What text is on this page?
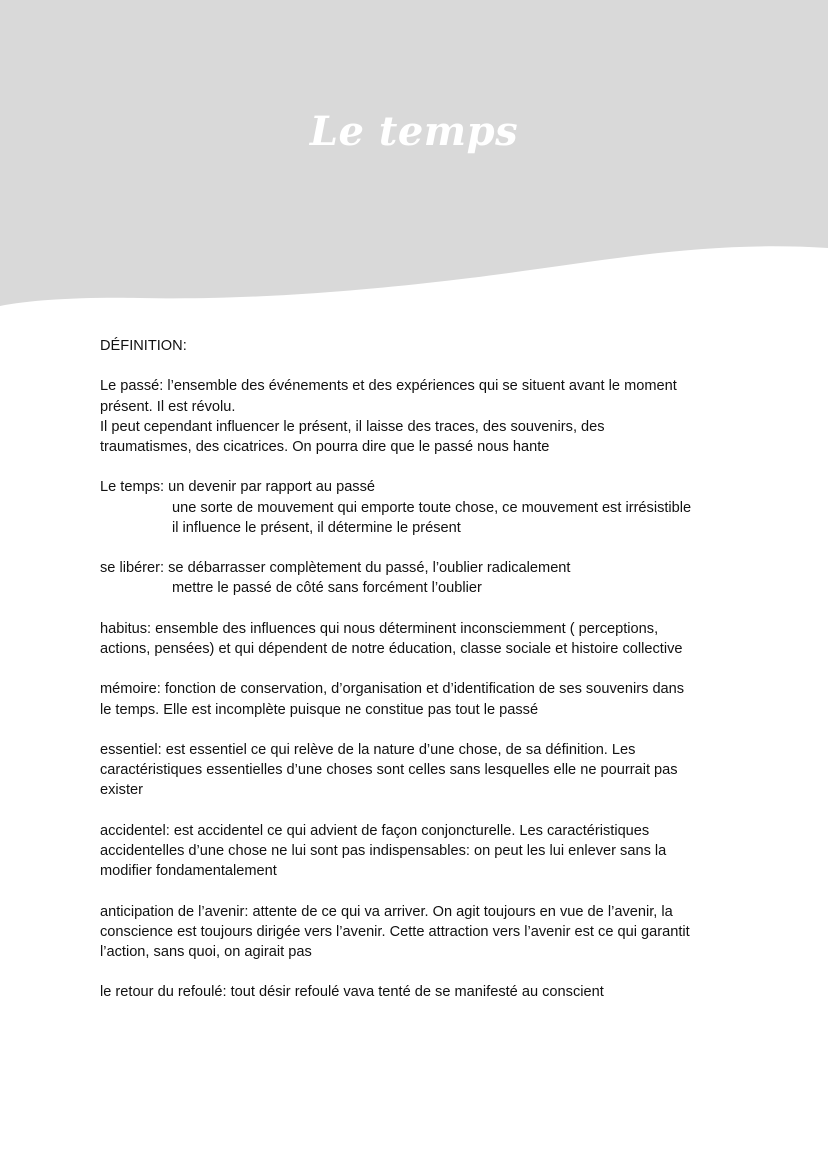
Le temps
DÉFINITION:
Le passé: l’ensemble des événements et des expériences qui se situent avant le moment
présent. Il est révolu.
Il peut cependant influencer le présent, il laisse des traces, des souvenirs, des
traumatismes, des cicatrices. On pourra dire que le passé nous hante
Le temps: un devenir par rapport au passé
une sorte de mouvement qui emporte toute chose, ce mouvement est irrésistible
il influence le présent, il détermine le présent
se libérer: se débarrasser complètement du passé, l’oublier radicalement
mettre le passé de côté sans forcément l’oublier
habitus: ensemble des influences qui nous déterminent inconsciemment ( perceptions,
actions, pensées) et qui dépendent de notre éducation, classe sociale et histoire collective
mémoire: fonction de conservation, d’organisation et d’identification de ses souvenirs dans
le temps. Elle est incomplète puisque ne constitue pas tout le passé
essentiel: est essentiel ce qui relève de la nature d’une chose, de sa définition. Les
caractéristiques essentielles d’une choses sont celles sans lesquelles elle ne pourrait pas
exister
accidentel: est accidentel ce qui advient de façon conjoncturelle. Les caractéristiques
accidentelles d’une chose ne lui sont pas indispensables: on peut les lui enlever sans la
modifier fondamentalement
anticipation de l’avenir: attente de ce qui va arriver. On agit toujours en vue de l’avenir, la
conscience est toujours dirigée vers l’avenir. Cette attraction vers l’avenir est ce qui garantit
l’action, sans quoi, on agirait pas
le retour du refoulé: tout désir refoulé vava tenté de se manifesté au conscient
